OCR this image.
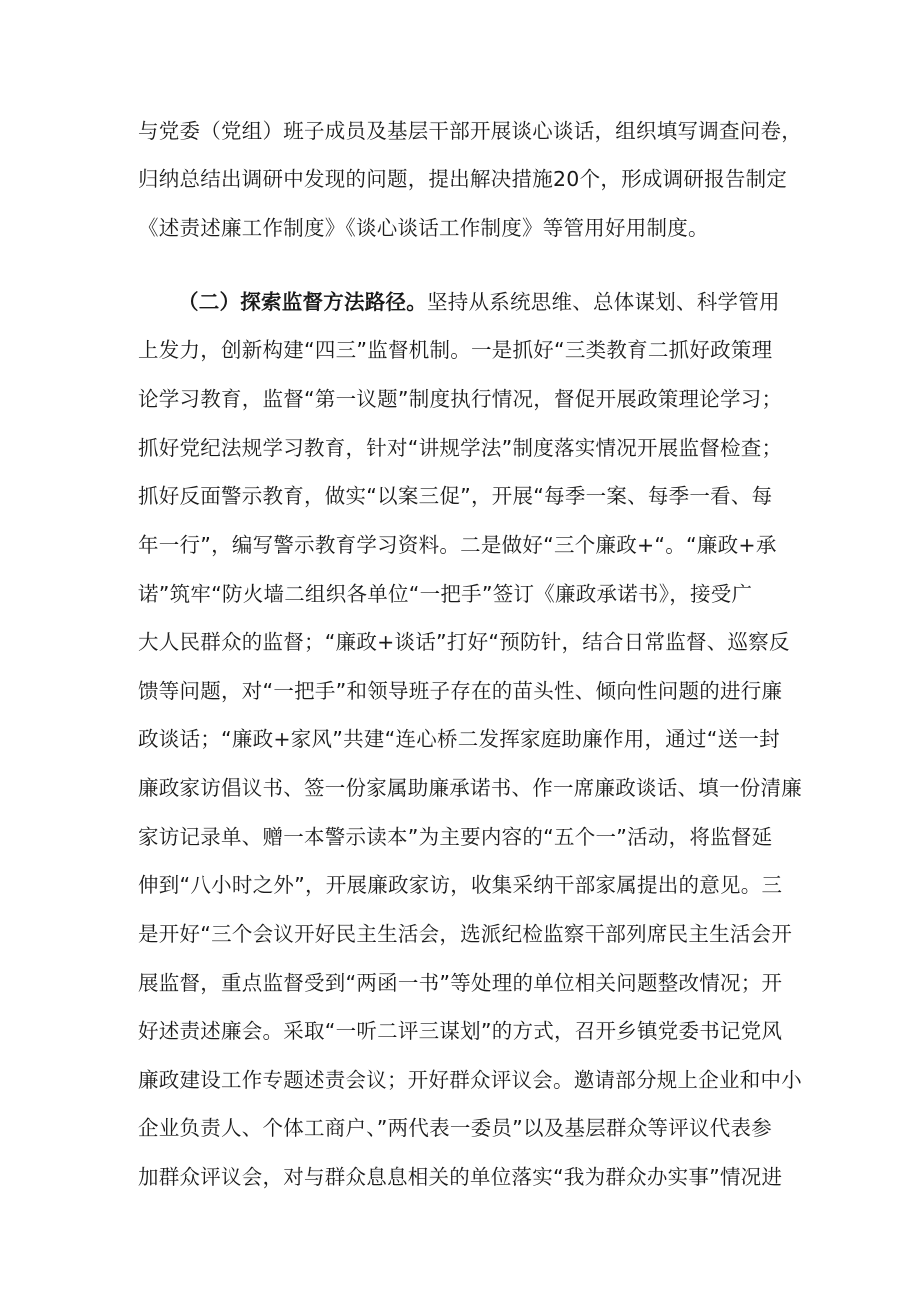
与党委（党组）班子成员及基层干部开展谈心谈话，组织填写调查问卷，
归纳总结出调研中发现的问题，提出解决措施20个，形成调研报告制定
《述责述廉工作制度》《谈心谈话工作制度》等管用好用制度。
（二）探索监督方法路径。坚持从系统思维、总体谋划、科学管用
上发力，创新构建“四三”监督机制。一是抓好“三类教育二抓好政策理
论学习教育，监督“第一议题”制度执行情况，督促开展政策理论学习；
抓好党纪法规学习教育，针对“讲规学法”制度落实情况开展监督检查；
抓好反面警示教育，做实“以案三促”，开展“每季一案、每季一看、每
年一行”，编写警示教育学习资料。二是做好“三个廉政+“。“廉政+承
诺”筑牢“防火墙二组织各单位“一把手”签订《廉政承诺书》，接受广
大人民群众的监督；“廉政+谈话”打好“预防针，结合日常监督、巡察反
馈等问题，对“一把手”和领导班子存在的苗头性、倾向性问题的进行廉
政谈话；“廉政+家风”共建“连心桥二发挥家庭助廉作用，通过“送一封
廉政家访倡议书、签一份家属助廉承诺书、作一席廉政谈话、填一份清廉
家访记录单、赠一本警示读本”为主要内容的“五个一”活动，将监督延
伸到“八小时之外”，开展廉政家访，收集采纳干部家属提出的意见。三
是开好“三个会议开好民主生活会，选派纪检监察干部列席民主生活会开
展监督，重点监督受到“两函一书”等处理的单位相关问题整改情况；开
好述责述廉会。采取“一听二评三谋划”的方式，召开乡镇党委书记党风
廉政建设工作专题述责会议；开好群众评议会。邀请部分规上企业和中小
企业负责人、个体工商户、”两代表一委员”以及基层群众等评议代表参
加群众评议会，对与群众息息相关的单位落实“我为群众办实事”情况进
